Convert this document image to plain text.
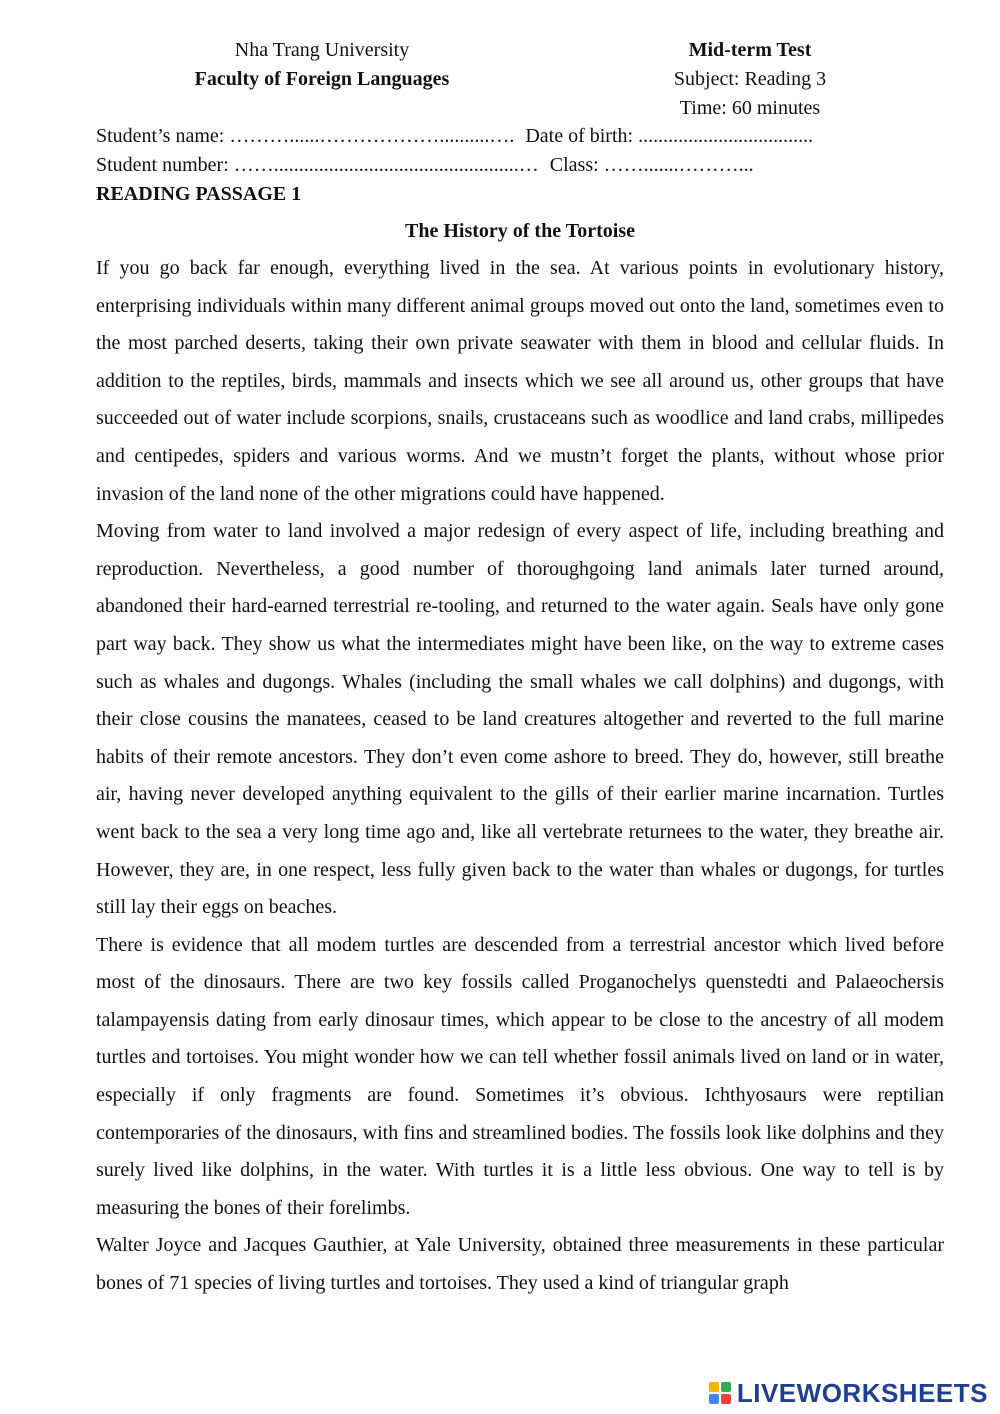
Nha Trang University
Faculty of Foreign Languages
Mid-term Test
Subject: Reading 3
Time: 60 minutes
Student’s name: ………......………………..........…. Date of birth: ...................................
Student number: …….................................................… Class: …….......………...
READING PASSAGE 1
The History of the Tortoise

If you go back far enough, everything lived in the sea. At various points in evolutionary history, enterprising individuals within many different animal groups moved out onto the land, sometimes even to the most parched deserts, taking their own private seawater with them in blood and cellular fluids. In addition to the reptiles, birds, mammals and insects which we see all around us, other groups that have succeeded out of water include scorpions, snails, crustaceans such as woodlice and land crabs, millipedes and centipedes, spiders and various worms. And we mustn’t forget the plants, without whose prior invasion of the land none of the other migrations could have happened.

Moving from water to land involved a major redesign of every aspect of life, including breathing and reproduction. Nevertheless, a good number of thoroughgoing land animals later turned around, abandoned their hard-earned terrestrial re-tooling, and returned to the water again. Seals have only gone part way back. They show us what the intermediates might have been like, on the way to extreme cases such as whales and dugongs. Whales (including the small whales we call dolphins) and dugongs, with their close cousins the manatees, ceased to be land creatures altogether and reverted to the full marine habits of their remote ancestors. They don’t even come ashore to breed. They do, however, still breathe air, having never developed anything equivalent to the gills of their earlier marine incarnation. Turtles went back to the sea a very long time ago and, like all vertebrate returnees to the water, they breathe air. However, they are, in one respect, less fully given back to the water than whales or dugongs, for turtles still lay their eggs on beaches.

There is evidence that all modem turtles are descended from a terrestrial ancestor which lived before most of the dinosaurs. There are two key fossils called Proganochelys quenstedti and Palaeochersis talampayensis dating from early dinosaur times, which appear to be close to the ancestry of all modem turtles and tortoises. You might wonder how we can tell whether fossil animals lived on land or in water, especially if only fragments are found. Sometimes it’s obvious. Ichthyosaurs were reptilian contemporaries of the dinosaurs, with fins and streamlined bodies. The fossils look like dolphins and they surely lived like dolphins, in the water. With turtles it is a little less obvious. One way to tell is by measuring the bones of their forelimbs.

Walter Joyce and Jacques Gauthier, at Yale University, obtained three measurements in these particular bones of 71 species of living turtles and tortoises. They used a kind of triangular graph

LIVEWORKSHEETS
